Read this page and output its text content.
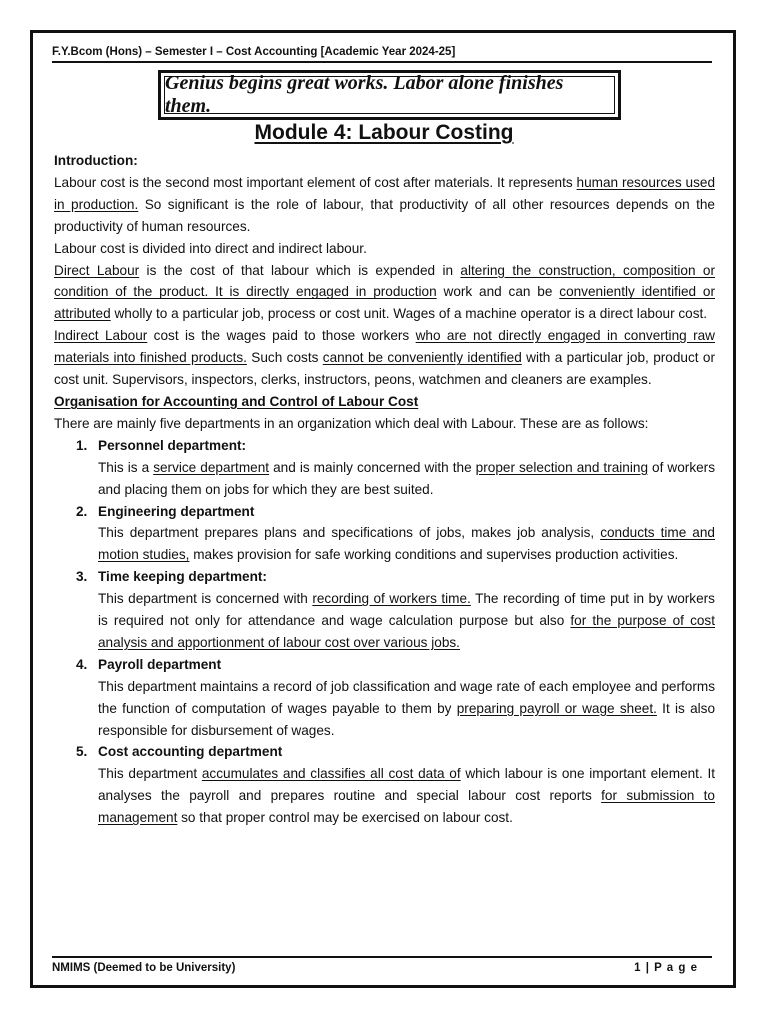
F.Y.Bcom (Hons) – Semester I – Cost Accounting [Academic Year 2024-25]
Genius begins great works. Labor alone finishes them.
Module 4: Labour Costing

Introduction:

Labour cost is the second most important element of cost after materials. It represents human resources used in production. So significant is the role of labour, that productivity of all other resources depends on the productivity of human resources.

Labour cost is divided into direct and indirect labour.

Direct Labour is the cost of that labour which is expended in altering the construction, composition or condition of the product. It is directly engaged in production work and can be conveniently identified or attributed wholly to a particular job, process or cost unit. Wages of a machine operator is a direct labour cost.

Indirect Labour cost is the wages paid to those workers who are not directly engaged in converting raw materials into finished products. Such costs cannot be conveniently identified with a particular job, product or cost unit. Supervisors, inspectors, clerks, instructors, peons, watchmen and cleaners are examples.

Organisation for Accounting and Control of Labour Cost

There are mainly five departments in an organization which deal with Labour. These are as follows:

1. Personnel department:

This is a service department and is mainly concerned with the proper selection and training of workers and placing them on jobs for which they are best suited.

2. Engineering department

This department prepares plans and specifications of jobs, makes job analysis, conducts time and motion studies, makes provision for safe working conditions and supervises production activities.

3. Time keeping department:

This department is concerned with recording of workers time. The recording of time put in by workers is required not only for attendance and wage calculation purpose but also for the purpose of cost analysis and apportionment of labour cost over various jobs.

4. Payroll department

This department maintains a record of job classification and wage rate of each employee and performs the function of computation of wages payable to them by preparing payroll or wage sheet. It is also responsible for disbursement of wages.

5. Cost accounting department

This department accumulates and classifies all cost data of which labour is one important element. It analyses the payroll and prepares routine and special labour cost reports for submission to management so that proper control may be exercised on labour cost.

NMIMS (Deemed to be University)	1 | P a g e
